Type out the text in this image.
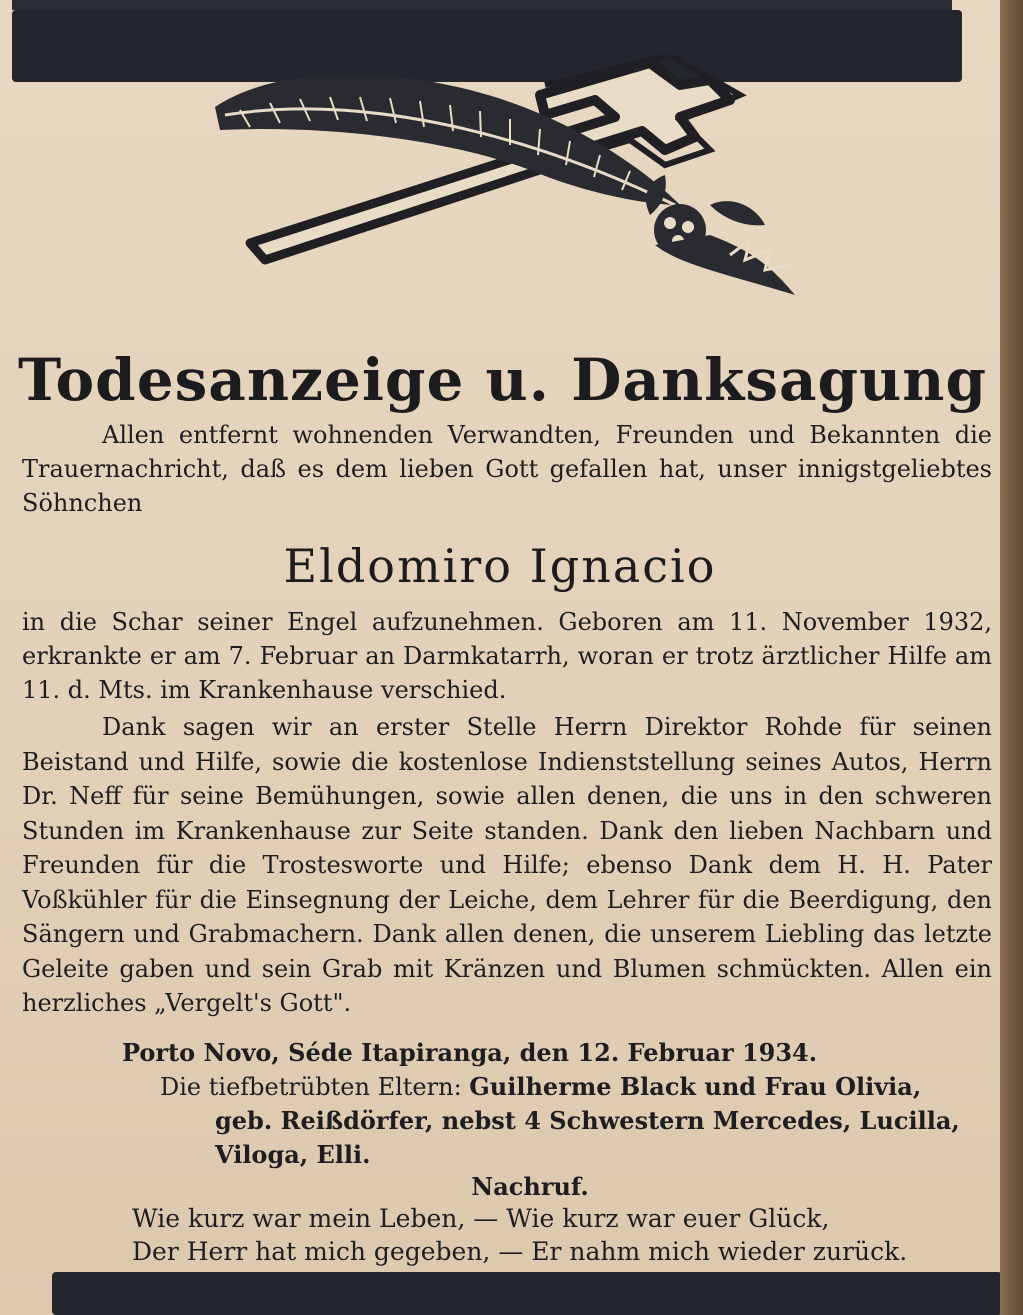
Todesanzeige u. Danksagung
Allen entfernt wohnenden Verwandten, Freunden und Bekannten die Trauernachricht, daß es dem lieben Gott gefallen hat, unser innigstgeliebtes Söhnchen
Eldomiro Ignacio
in die Schar seiner Engel aufzunehmen. Geboren am 11. November 1932, erkrankte er am 7. Februar an Darmkatarrh, woran er trotz ärztlicher Hilfe am 11. d. Mts. im Krankenhause verschied.
Dank sagen wir an erster Stelle Herrn Direktor Rohde für seinen Beistand und Hilfe, sowie die kostenlose Indienststellung seines Autos, Herrn Dr. Neff für seine Bemühungen, sowie allen denen, die uns in den schweren Stunden im Krankenhause zur Seite standen. Dank den lieben Nachbarn und Freunden für die Trosteswortе und Hilfe; ebenso Dank dem H. H. Pater Voßkühler für die Einsegnung der Leiche, dem Lehrer für die Beerdigung, den Sängern und Grabmachern. Dank allen denen, die unserem Liebling das letzte Geleite gaben und sein Grab mit Kränzen und Blumen schmückten. Allen ein herzliches „Vergelt's Gott".
Porto Novo, Séde Itapiranga, den 12. Februar 1934.
Die tiefbetrübten Eltern: Guilherme Black und Frau Olivia,
geb. Reißdörfer, nebst 4 Schwestern Mercedes, Lucilla, Viloga, Elli.
Nachruf.
Wie kurz war mein Leben, — Wie kurz war euer Glück,
Der Herr hat mich gegeben, — Er nahm mich wieder zurück.
